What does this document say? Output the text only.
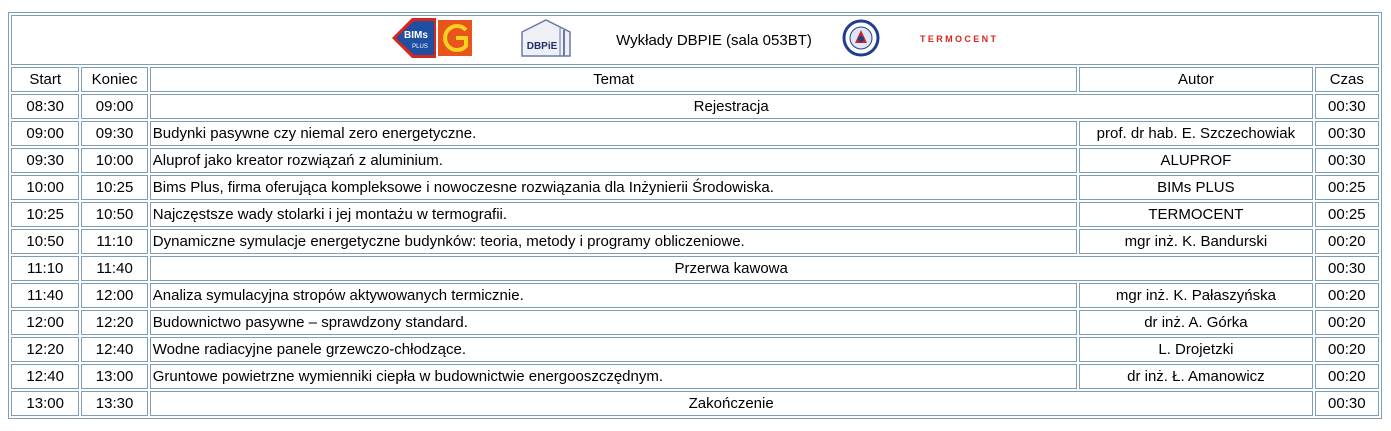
BIMs
PLUS DBPiE Wykłady DBPIE (sala 053BT) TERMOCENT				

Start	Koniec	Temat	Autor	Czas
08:30	09:00	Rejestracja		00:30
09:00	09:30	Budynki pasywne czy niemal zero energetyczne.	prof. dr hab. E. Szczechowiak	00:30
09:30	10:00	Aluprof jako kreator rozwiązań z aluminium.	ALUPROF	00:30
10:00	10:25	Bims Plus, firma oferująca kompleksowe i nowoczesne rozwiązania dla Inżynierii Środowiska.	BIMs PLUS	00:25
10:25	10:50	Najczęstsze wady stolarki i jej montażu w termografii.	TERMOCENT	00:25
10:50	11:10	Dynamiczne symulacje energetyczne budynków: teoria, metody i programy obliczeniowe.	mgr inż. K. Bandurski	00:20
11:10	11:40	Przerwa kawowa		00:30
11:40	12:00	Analiza symulacyjna stropów aktywowanych termicznie.	mgr inż. K. Pałaszyńska	00:20
12:00	12:20	Budownictwo pasywne – sprawdzony standard.	dr inż. A. Górka	00:20
12:20	12:40	Wodne radiacyjne panele grzewczo-chłodzące.	L. Drojetzki	00:20
12:40	13:00	Gruntowe powietrzne wymienniki ciepła w budownictwie energooszczędnym.	dr inż. Ł. Amanowicz	00:20
13:00	13:30	Zakończenie		00:30
